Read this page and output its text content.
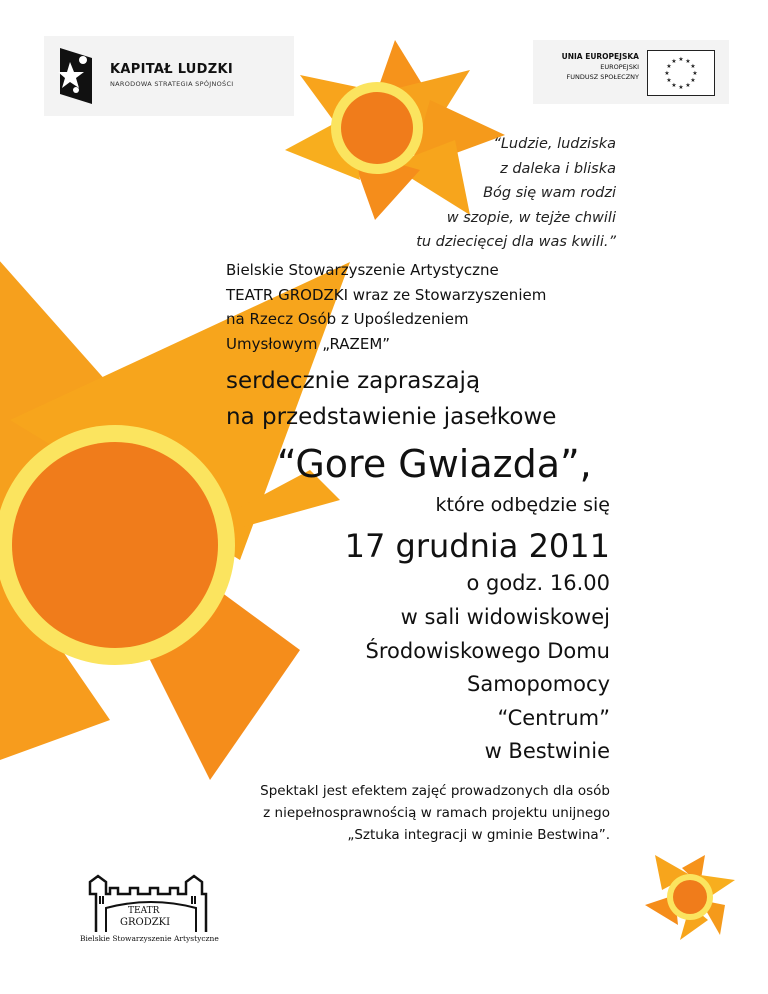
KAPITAŁ LUDZKI
NARODOWA STRATEGIA SPÓJNOŚCI
UNIA EUROPEJSKA
EUROPEJSKI
FUNDUSZ SPOŁECZNY
★ ★
★
★
★
★
★
★
★
★
★
★
“Ludzie, ludziska
z daleka i bliska
Bóg się wam rodzi
w szopie, w tejże chwili
tu dziecięcej dla was kwili.”
Bielskie Stowarzyszenie Artystyczne
TEATR GRODZKI wraz ze Stowarzyszeniem
na Rzecz Osób z Upośledzeniem
Umysłowym „RAZEM”
serdecznie zapraszają
na przedstawienie jasełkowe
“Gore Gwiazda”,
które odbędzie się
17 grudnia 2011
o godz. 16.00
w sali widowiskowej
Środowiskowego Domu
Samopomocy
“Centrum”
w Bestwinie
Spektakl jest efektem zajęć prowadzonych dla osób
z niepełnosprawnością w ramach projektu unijnego
„Sztuka integracji w gminie Bestwina”.
TEATR
GRODZKI
Bielskie Stowarzyszenie Artystyczne
